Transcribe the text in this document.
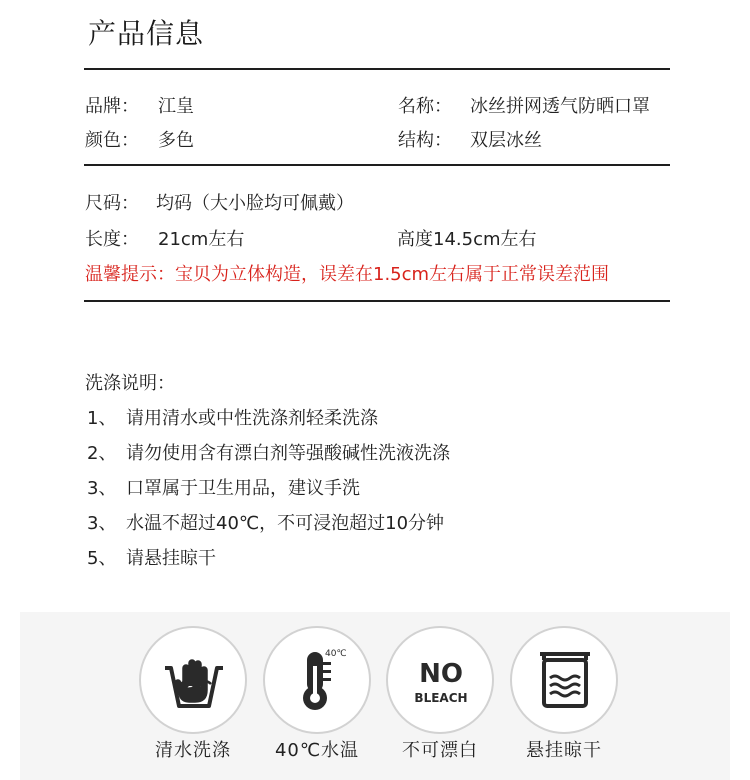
产品信息
品牌： 江皇	名称： 冰丝拼网透气防晒口罩
颜色： 多色	结构： 双层冰丝
尺码： 均码（大小脸均可佩戴）
长度： 21cm左右	高度14.5cm左右
温馨提示：宝贝为立体构造，误差在1.5cm左右属于正常误差范围
洗涤说明：
1、 请用清水或中性洗涤剂轻柔洗涤
2、 请勿使用含有漂白剂等强酸碱性洗液洗涤
3、 口罩属于卫生用品，建议手洗
3、 水温不超过40℃，不可浸泡超过10分钟
5、 请悬挂晾干
清水洗涤
40℃
40℃水温
NO
BLEACH
不可漂白	悬挂晾干
